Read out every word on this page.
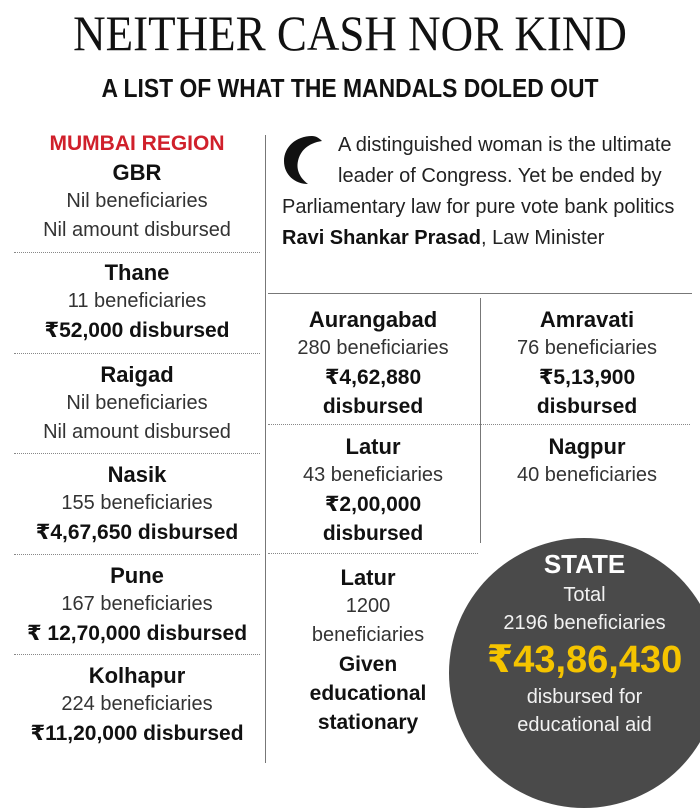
NEITHER CASH NOR KIND
A LIST OF WHAT THE MANDALS DOLED OUT
MUMBAI REGION
GBR
Nil beneficiaries
Nil amount disbursed
Thane
11 beneficiaries
₹52,000 disbursed
Raigad
Nil beneficiaries
Nil amount disbursed
Nasik
155 beneficiaries
₹4,67,650 disbursed
Pune
167 beneficiaries
₹ 12,70,000 disbursed
Kolhapur
224 beneficiaries
₹11,20,000 disbursed
A distinguished woman is the ultimate leader of Congress. Yet be ended by Parliamentary law for pure vote bank politics
Ravi Shankar Prasad, Law Minister
Aurangabad
280 beneficiaries
₹4,62,880
disbursed
Latur
43 beneficiaries
₹2,00,000
disbursed
Latur
1200
beneficiaries
Given
educational
stationary
Amravati
76 beneficiaries
₹5,13,900
disbursed
Nagpur
40 beneficiaries
STATE
Total
2196 beneficiaries
₹43,86,430
disbursed for
educational aid
